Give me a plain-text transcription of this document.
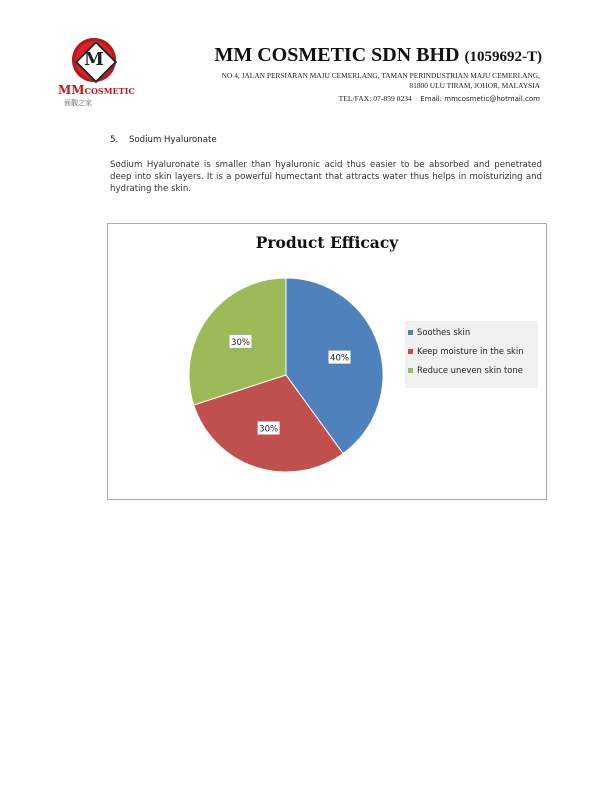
M
MMCOSMETIC
面靓之家
MM COSMETIC SDN BHD (1059692-T)
NO 4, JALAN PERSIARAN MAJU CEMERLANG, TAMAN PERINDUSTRIAN MAJU CEMERLANG,
81800 ULU TIRAM, JOHOR, MALAYSIA
TEL/FAX: 07-859 0234 Email: mmcosmetic@hotmail.com
5. Sodium Hyaluronate
Sodium Hyaluronate is smaller than hyaluronic acid thus easier to be absorbed and penetrated deep into skin layers. It is a powerful humectant that attracts water thus helps in moisturizing and hydrating the skin.
Product Efficacy
40%
30%
30%
Soothes skin
Keep moisture in the skin
Reduce uneven skin tone
